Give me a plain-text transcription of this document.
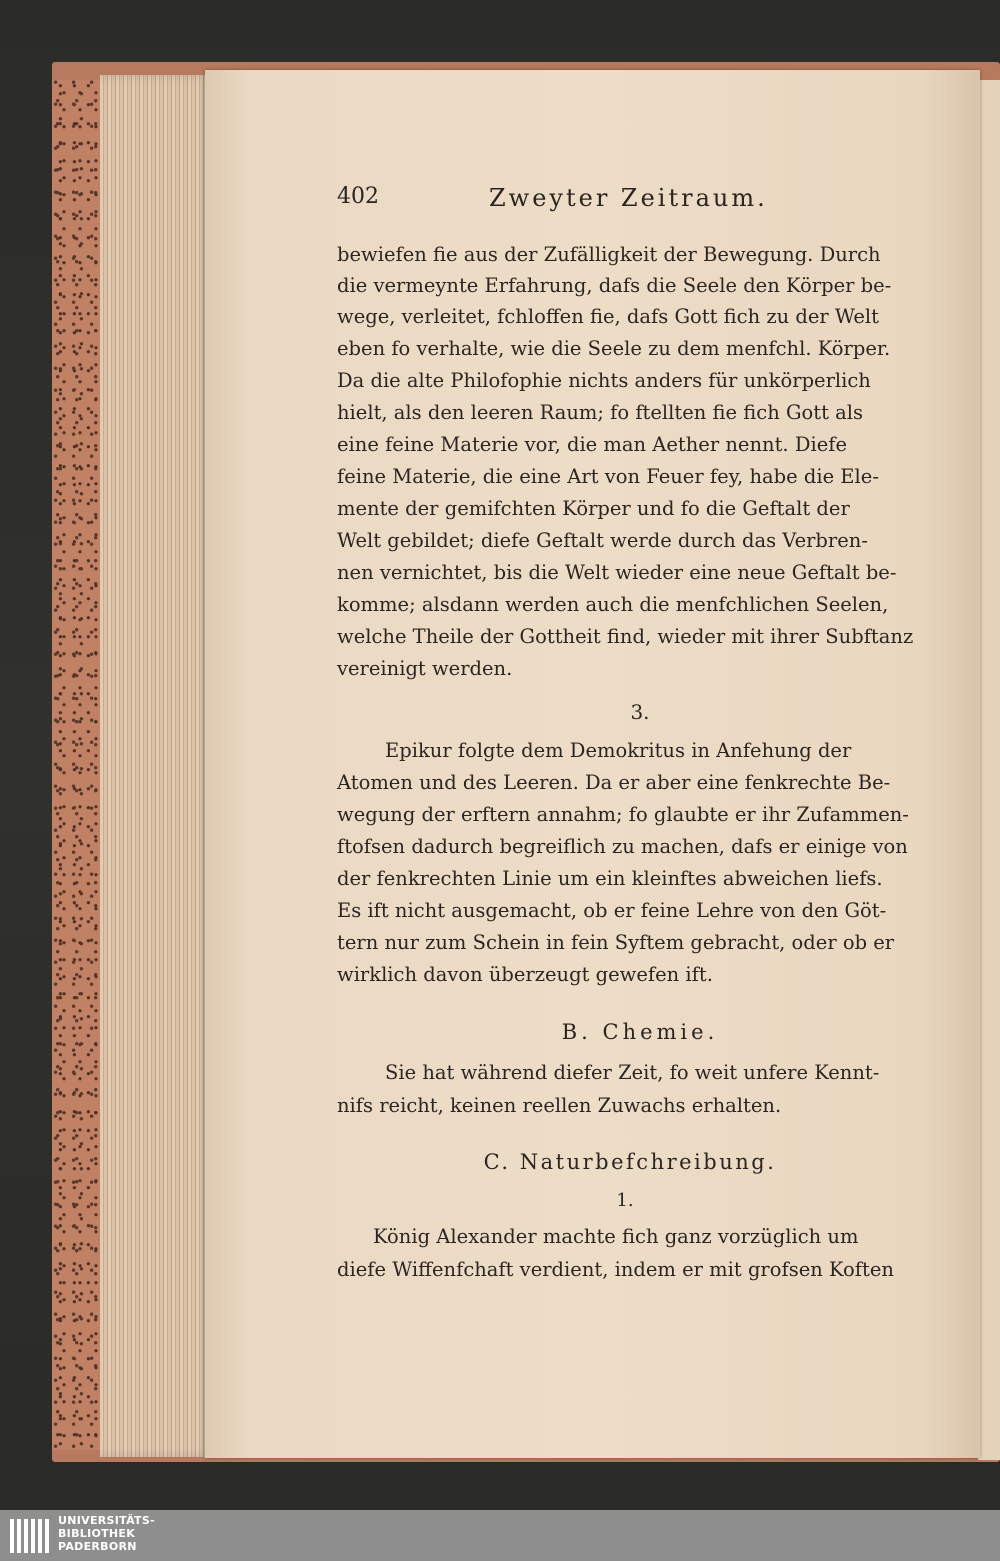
402	Zweyter Zeitraum.
bewiefen fie aus der Zufälligkeit der Bewegung. Durch
die vermeynte Erfahrung, dafs die Seele den Körper be-
wege, verleitet, fchloffen fie, dafs Gott fich zu der Welt
eben fo verhalte, wie die Seele zu dem menfchl. Körper.
Da die alte Philofophie nichts anders für unkörperlich
hielt, als den leeren Raum; fo ftellten fie fich Gott als
eine feine Materie vor, die man Aether nennt. Diefe
feine Materie, die eine Art von Feuer fey, habe die Ele-
mente der gemifchten Körper und fo die Geftalt der
Welt gebildet; diefe Geftalt werde durch das Verbren-
nen vernichtet, bis die Welt wieder eine neue Geftalt be-
komme; alsdann werden auch die menfchlichen Seelen,
welche Theile der Gottheit find, wieder mit ihrer Subftanz
vereinigt werden.
3.
Epikur folgte dem Demokritus in Anfehung der
Atomen und des Leeren. Da er aber eine fenkrechte Be-
wegung der erftern annahm; fo glaubte er ihr Zufammen-
ftofsen dadurch begreiflich zu machen, dafs er einige von
der fenkrechten Linie um ein kleinftes abweichen liefs.
Es ift nicht ausgemacht, ob er feine Lehre von den Göt-
tern nur zum Schein in fein Syftem gebracht, oder ob er
wirklich davon überzeugt gewefen ift.
B. Chemie.
Sie hat während diefer Zeit, fo weit unfere Kennt-
nifs reicht, keinen reellen Zuwachs erhalten.
C. Naturbefchreibung.
1.
König Alexander machte fich ganz vorzüglich um
diefe Wiffenfchaft verdient, indem er mit grofsen Koften
UNIVERSITÄTS-
BIBLIOTHEK
PADERBORN
